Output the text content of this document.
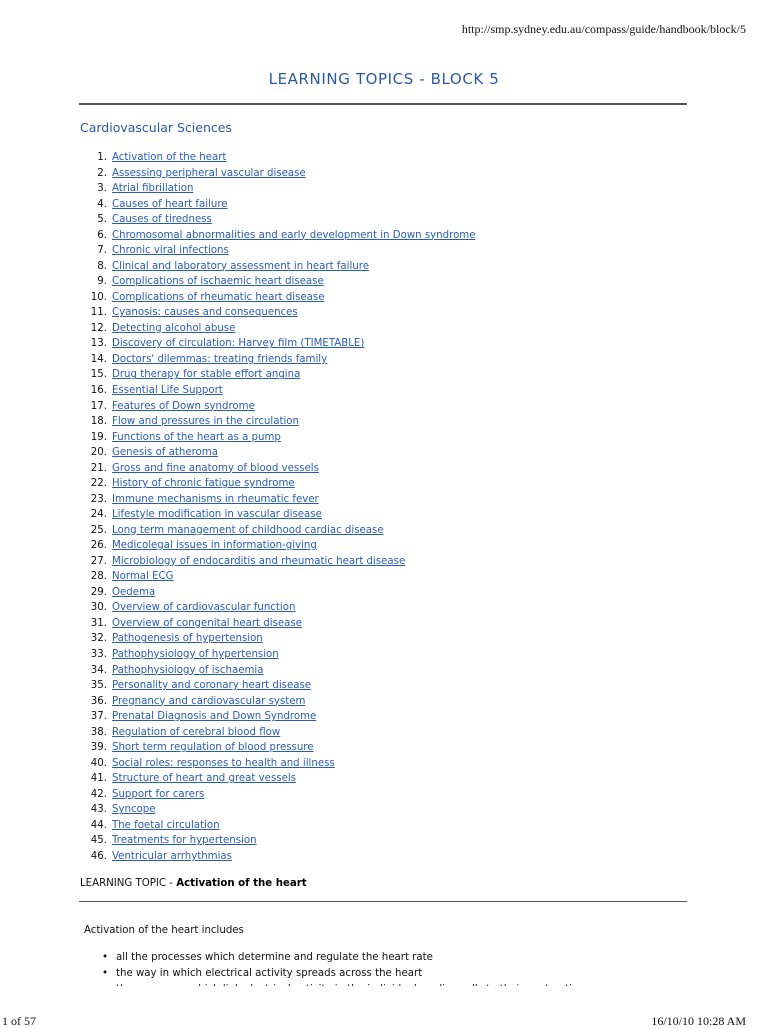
http://smp.sydney.edu.au/compass/guide/handbook/block/5
LEARNING TOPICS - BLOCK 5
Cardiovascular Sciences
1. Activation of the heart
2. Assessing peripheral vascular disease
3. Atrial fibrillation
4. Causes of heart failure
5. Causes of tiredness
6. Chromosomal abnormalities and early development in Down syndrome
7. Chronic viral infections
8. Clinical and laboratory assessment in heart failure
9. Complications of ischaemic heart disease
10. Complications of rheumatic heart disease
11. Cyanosis: causes and consequences
12. Detecting alcohol abuse
13. Discovery of circulation: Harvey film (TIMETABLE)
14. Doctors' dilemmas: treating friends family
15. Drug therapy for stable effort angina
16. Essential Life Support
17. Features of Down syndrome
18. Flow and pressures in the circulation
19. Functions of the heart as a pump
20. Genesis of atheroma
21. Gross and fine anatomy of blood vessels
22. History of chronic fatigue syndrome
23. Immune mechanisms in rheumatic fever
24. Lifestyle modification in vascular disease
25. Long term management of childhood cardiac disease
26. Medicolegal issues in information-giving
27. Microbiology of endocarditis and rheumatic heart disease
28. Normal ECG
29. Oedema
30. Overview of cardiovascular function
31. Overview of congenital heart disease
32. Pathogenesis of hypertension
33. Pathophysiology of hypertension
34. Pathophysiology of ischaemia
35. Personality and coronary heart disease
36. Pregnancy and cardiovascular system
37. Prenatal Diagnosis and Down Syndrome
38. Regulation of cerebral blood flow
39. Short term regulation of blood pressure
40. Social roles: responses to health and illness
41. Structure of heart and great vessels
42. Support for carers
43. Syncope
44. The foetal circulation
45. Treatments for hypertension
46. Ventricular arrhythmias
LEARNING TOPIC - Activation of the heart
Activation of the heart includes
• all the processes which determine and regulate the heart rate
• the way in which electrical activity spreads across the heart
•
1 of 57	16/10/10 10:28 AM
